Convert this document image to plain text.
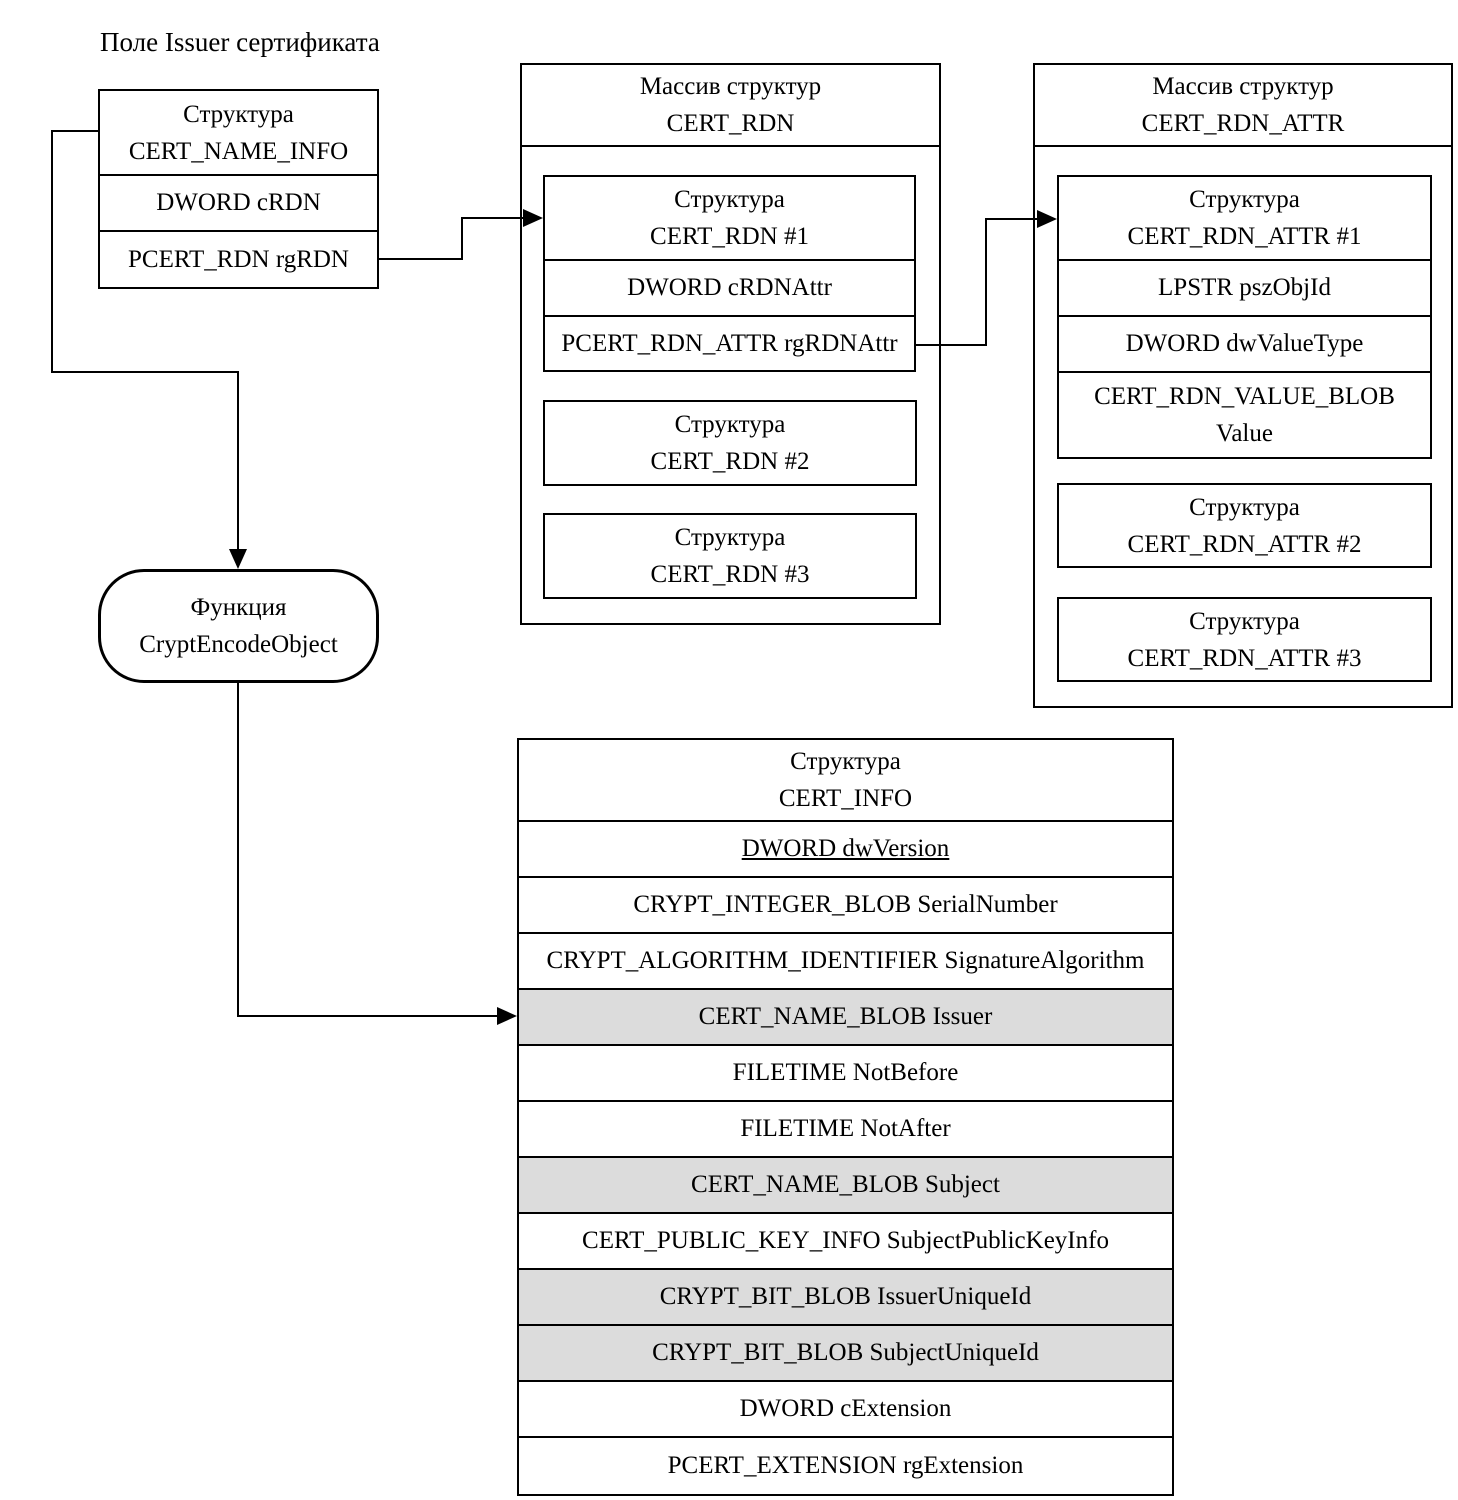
Поле Issuer сертификата
Структура
CERT_NAME_INFO
DWORD cRDN
PCERT_RDN rgRDN
Массив структур
CERT_RDN
Структура
CERT_RDN #1
DWORD cRDNAttr
PCERT_RDN_ATTR rgRDNAttr
Структура
CERT_RDN #2
Структура
CERT_RDN #3
Массив структур
CERT_RDN_ATTR
Структура
CERT_RDN_ATTR #1
LPSTR pszObjId
DWORD dwValueType
CERT_RDN_VALUE_BLOB
Value
Структура
CERT_RDN_ATTR #2
Структура
CERT_RDN_ATTR #3
Функция
CryptEncodeObject
Структура
CERT_INFO
DWORD dwVersion
CRYPT_INTEGER_BLOB SerialNumber
CRYPT_ALGORITHM_IDENTIFIER SignatureAlgorithm
CERT_NAME_BLOB Issuer
FILETIME NotBefore
FILETIME NotAfter
CERT_NAME_BLOB Subject
CERT_PUBLIC_KEY_INFO SubjectPublicKeyInfo
CRYPT_BIT_BLOB IssuerUniqueId
CRYPT_BIT_BLOB SubjectUniqueId
DWORD cExtension
PCERT_EXTENSION rgExtension
